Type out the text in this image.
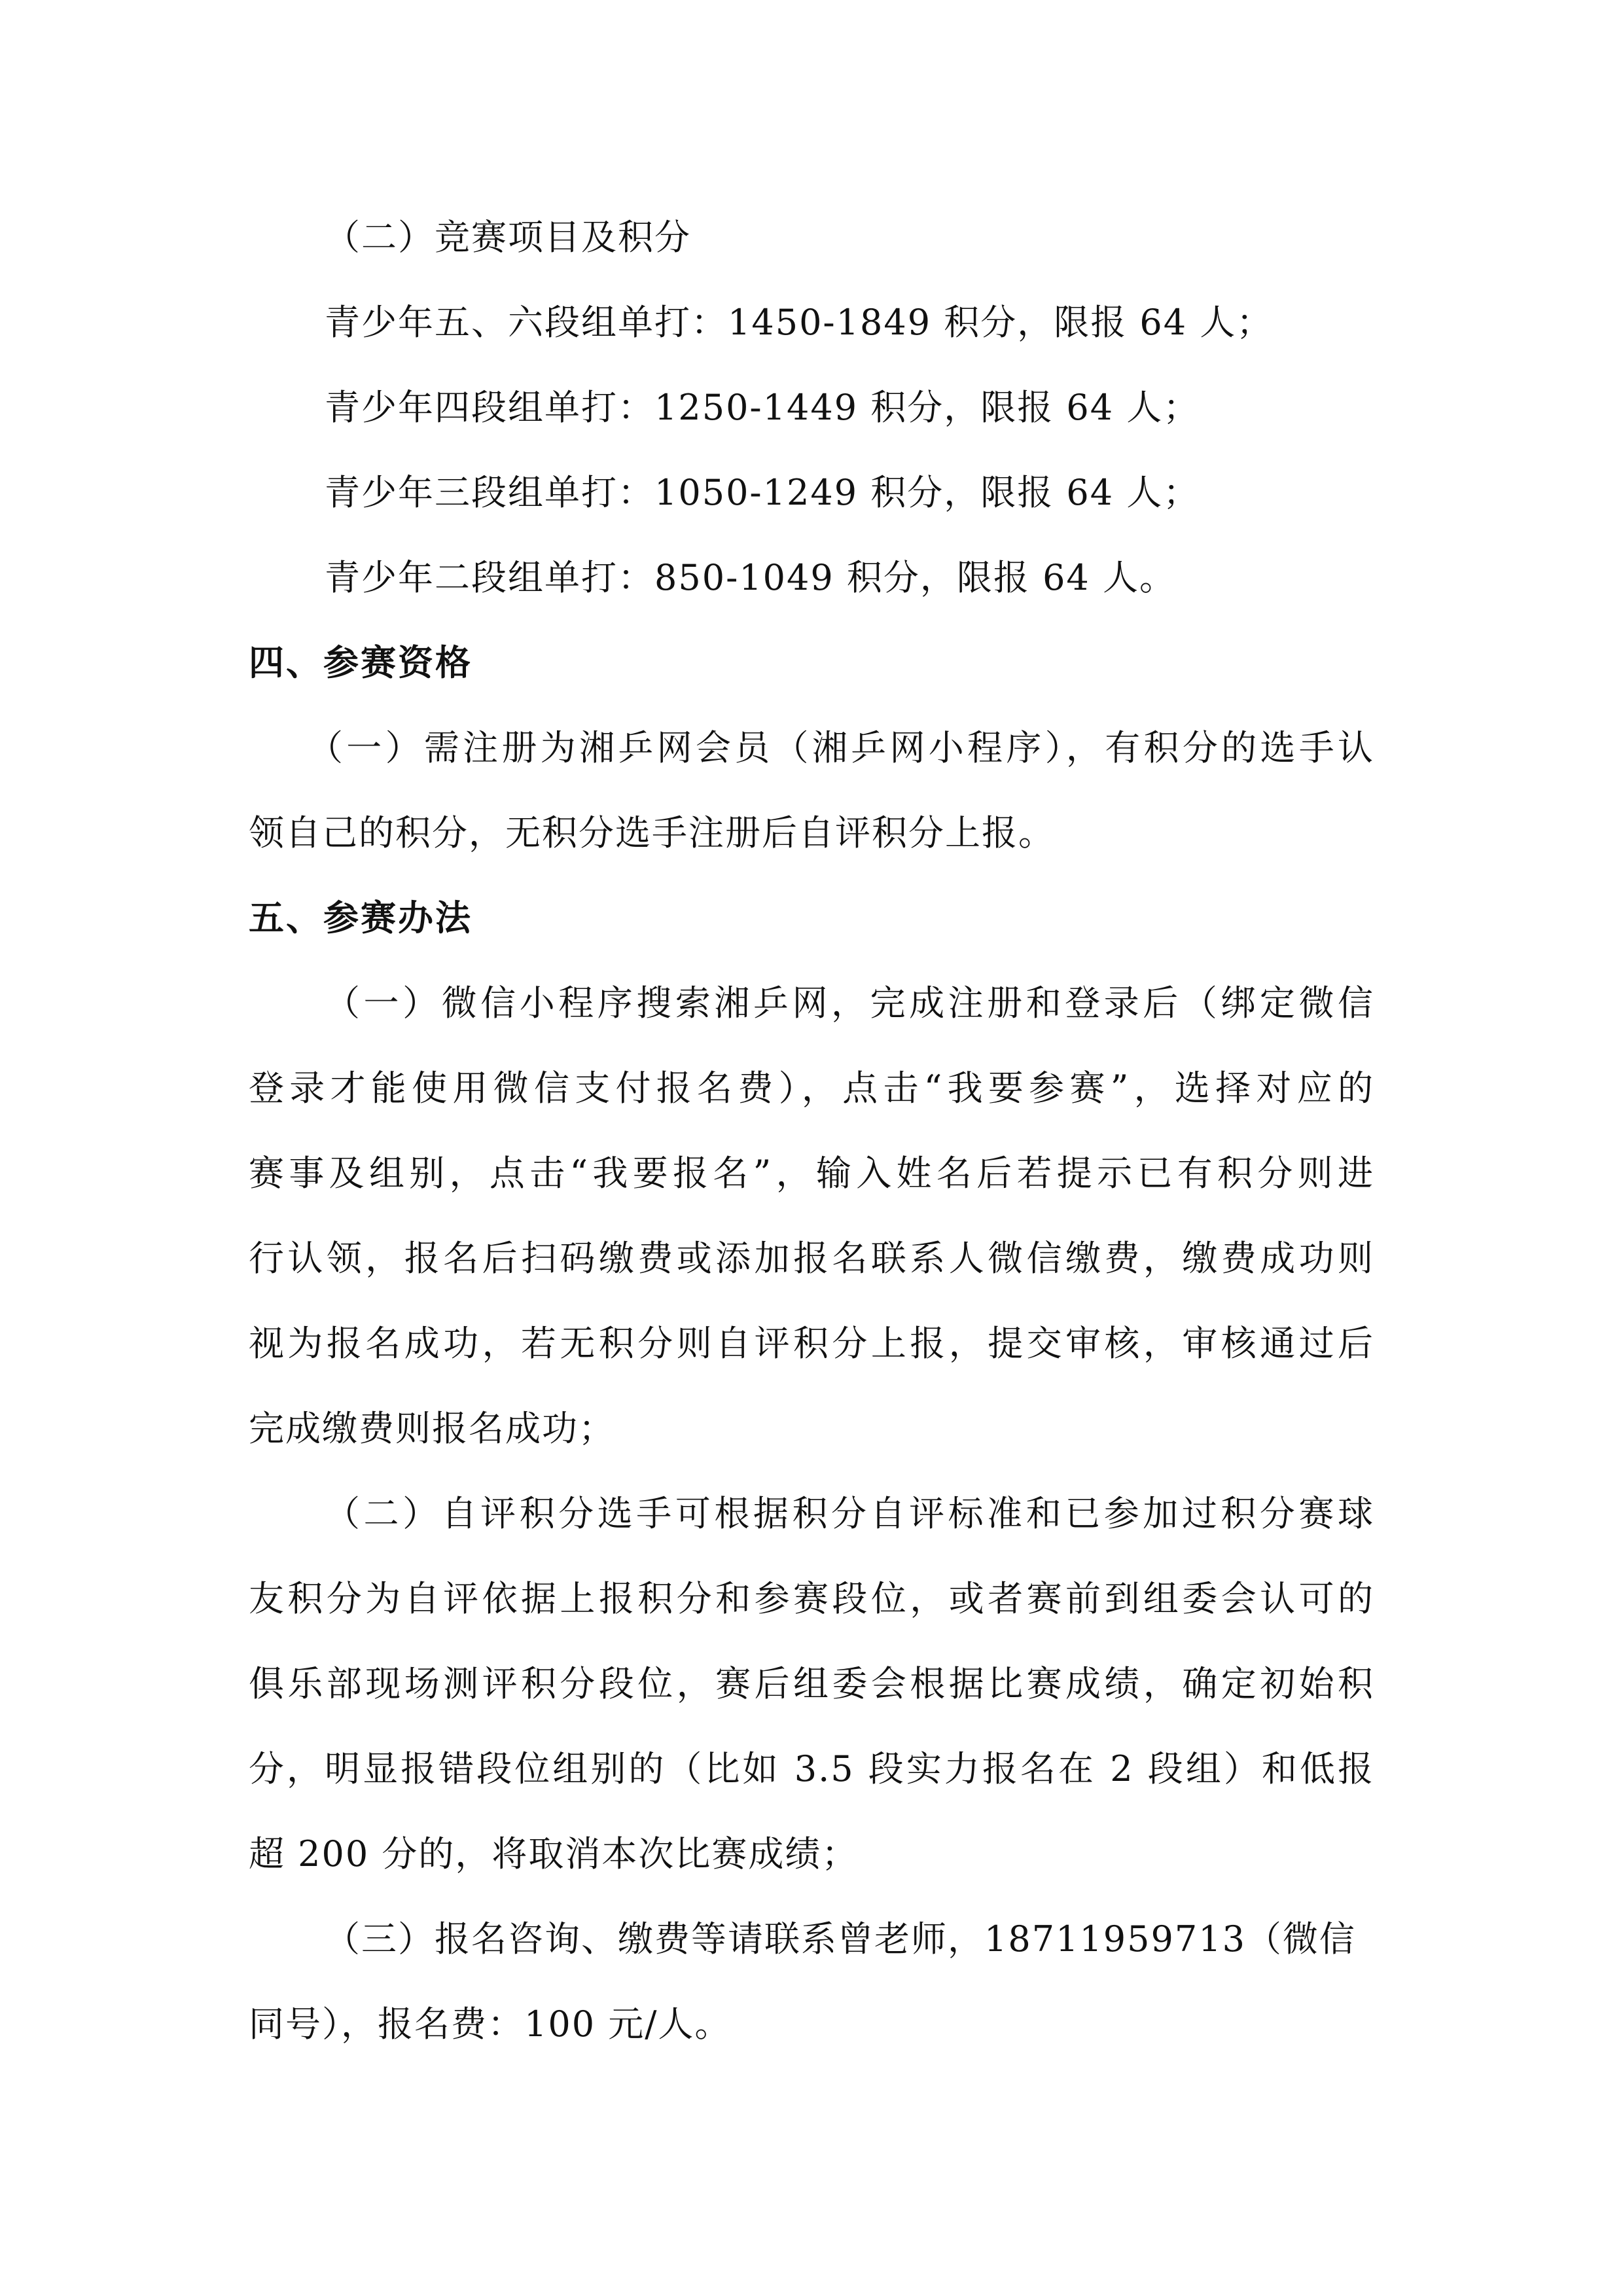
（二）竞赛项目及积分
青少年五、六段组单打：1450-1849 积分，限报 64 人；
青少年四段组单打：1250-1449 积分，限报 64 人；
青少年三段组单打：1050-1249 积分，限报 64 人；
青少年二段组单打：850-1049 积分，限报 64 人。
四、参赛资格
（一）需注册为湘乒网会员（湘乒网小程序），有积分的选手认
领自己的积分，无积分选手注册后自评积分上报。
五、参赛办法
（一）微信小程序搜索湘乒网，完成注册和登录后（绑定微信
登录才能使用微信支付报名费），点击“我要参赛”，选择对应的
赛事及组别，点击“我要报名”，输入姓名后若提示已有积分则进
行认领，报名后扫码缴费或添加报名联系人微信缴费，缴费成功则
视为报名成功，若无积分则自评积分上报，提交审核，审核通过后
完成缴费则报名成功；
（二）自评积分选手可根据积分自评标准和已参加过积分赛球
友积分为自评依据上报积分和参赛段位，或者赛前到组委会认可的
俱乐部现场测评积分段位，赛后组委会根据比赛成绩，确定初始积
分，明显报错段位组别的（比如 3.5 段实力报名在 2 段组）和低报
超 200 分的，将取消本次比赛成绩；
（三）报名咨询、缴费等请联系曾老师，18711959713（微信
同号），报名费：100 元/人。
